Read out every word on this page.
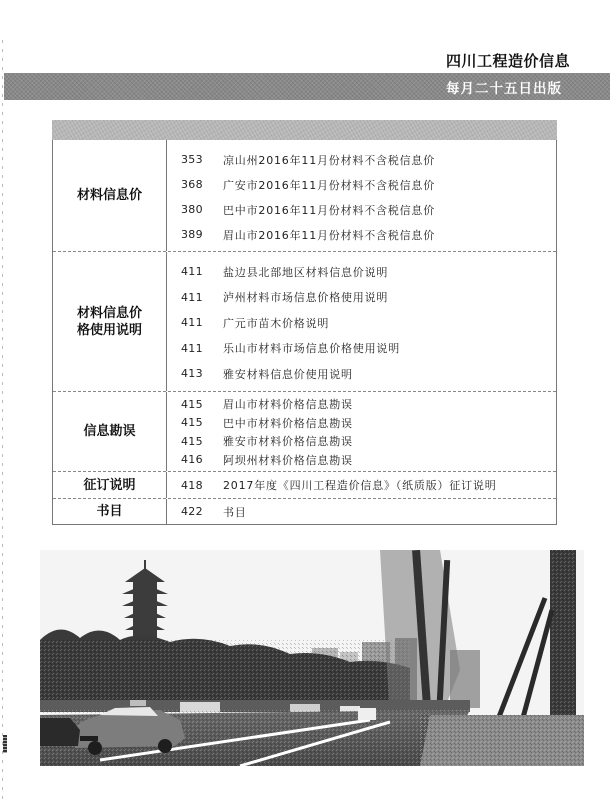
四川工程造价信息
每月二十五日出版
材料信息价
353	凉山州2016年11月份材料不含税信息价
368	广安市2016年11月份材料不含税信息价
380	巴中市2016年11月份材料不含税信息价
389	眉山市2016年11月份材料不含税信息价
材料信息价
格使用说明
411	盐边县北部地区材料信息价说明
411	泸州材料市场信息价格使用说明
411	广元市苗木价格说明
411	乐山市材料市场信息价格使用说明
413	雅安材料信息价使用说明
信息勘误
415	眉山市材料价格信息勘误
415	巴中市材料价格信息勘误
415	雅安市材料价格信息勘误
416	阿坝州材料价格信息勘误
征订说明	418	2017年度《四川工程造价信息》（纸质版）征订说明
书目	422	书目
